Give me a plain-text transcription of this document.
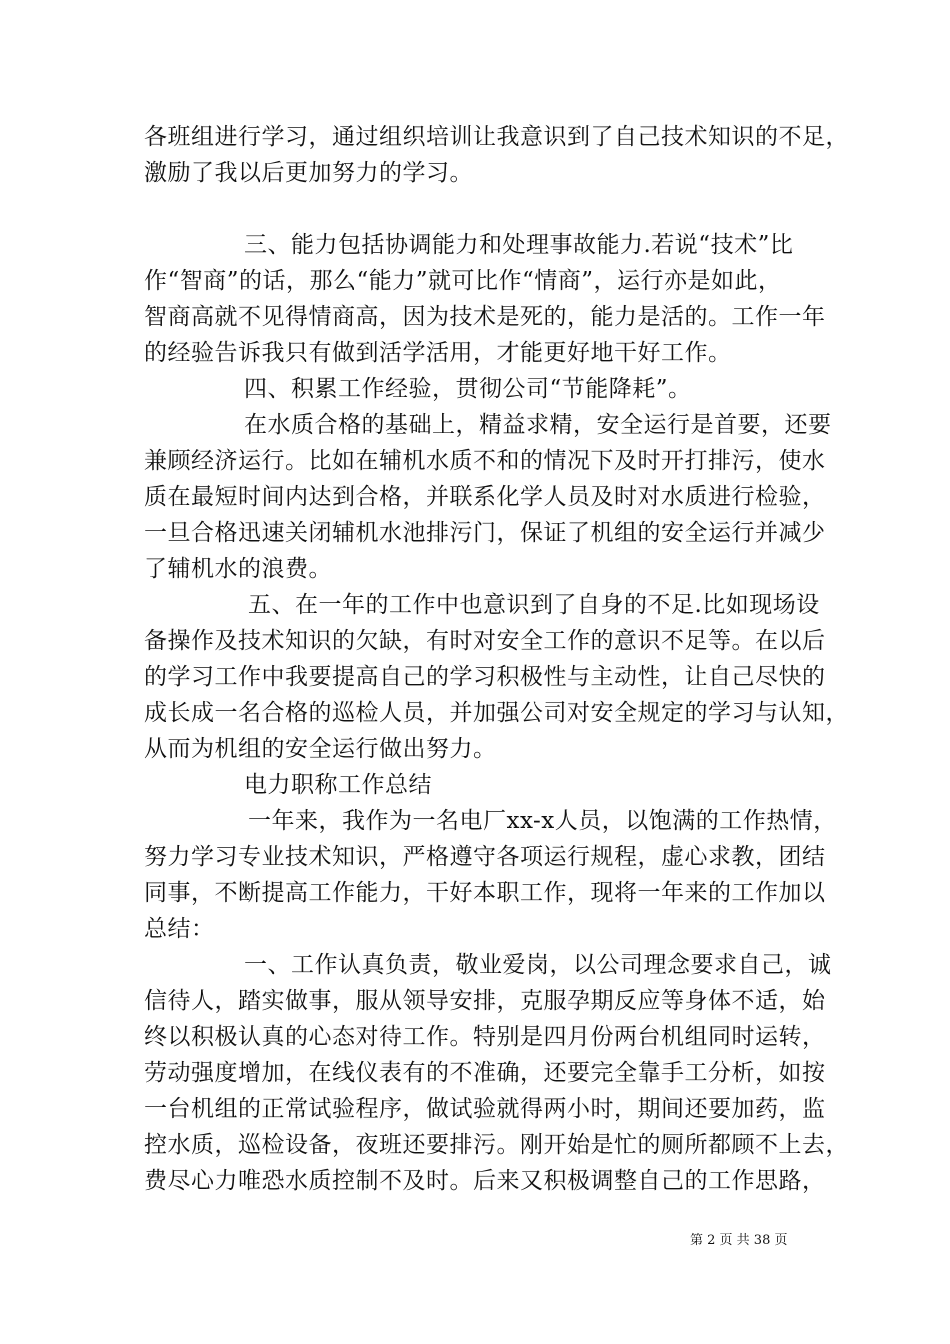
各班组进行学习，通过组织培训让我意识到了自己技术知识的不足，
激励了我以后更加努力的学习。
三、能力包括协调能力和处理事故能力.若说“技术”比
作“智商”的话，那么“能力”就可比作“情商”，运行亦是如此，
智商高就不见得情商高，因为技术是死的，能力是活的。工作一年
的经验告诉我只有做到活学活用，才能更好地干好工作。
四、积累工作经验，贯彻公司“节能降耗”。
在水质合格的基础上，精益求精，安全运行是首要，还要
兼顾经济运行。比如在辅机水质不和的情况下及时开打排污，使水
质在最短时间内达到合格，并联系化学人员及时对水质进行检验，
一旦合格迅速关闭辅机水池排污门，保证了机组的安全运行并减少
了辅机水的浪费。
五、在一年的工作中也意识到了自身的不足.比如现场设
备操作及技术知识的欠缺，有时对安全工作的意识不足等。在以后
的学习工作中我要提高自己的学习积极性与主动性，让自己尽快的
成长成一名合格的巡检人员，并加强公司对安全规定的学习与认知，
从而为机组的安全运行做出努力。
电力职称工作总结
一年来，我作为一名电厂xx-x人员，以饱满的工作热情，
努力学习专业技术知识，严格遵守各项运行规程，虚心求教，团结
同事，不断提高工作能力，干好本职工作，现将一年来的工作加以
总结：
一、工作认真负责，敬业爱岗，以公司理念要求自己，诚
信待人，踏实做事，服从领导安排，克服孕期反应等身体不适，始
终以积极认真的心态对待工作。特别是四月份两台机组同时运转，
劳动强度增加，在线仪表有的不准确，还要完全靠手工分析，如按
一台机组的正常试验程序，做试验就得两小时，期间还要加药，监
控水质，巡检设备，夜班还要排污。刚开始是忙的厕所都顾不上去，
费尽心力唯恐水质控制不及时。后来又积极调整自己的工作思路，
第 2 页 共 38 页
